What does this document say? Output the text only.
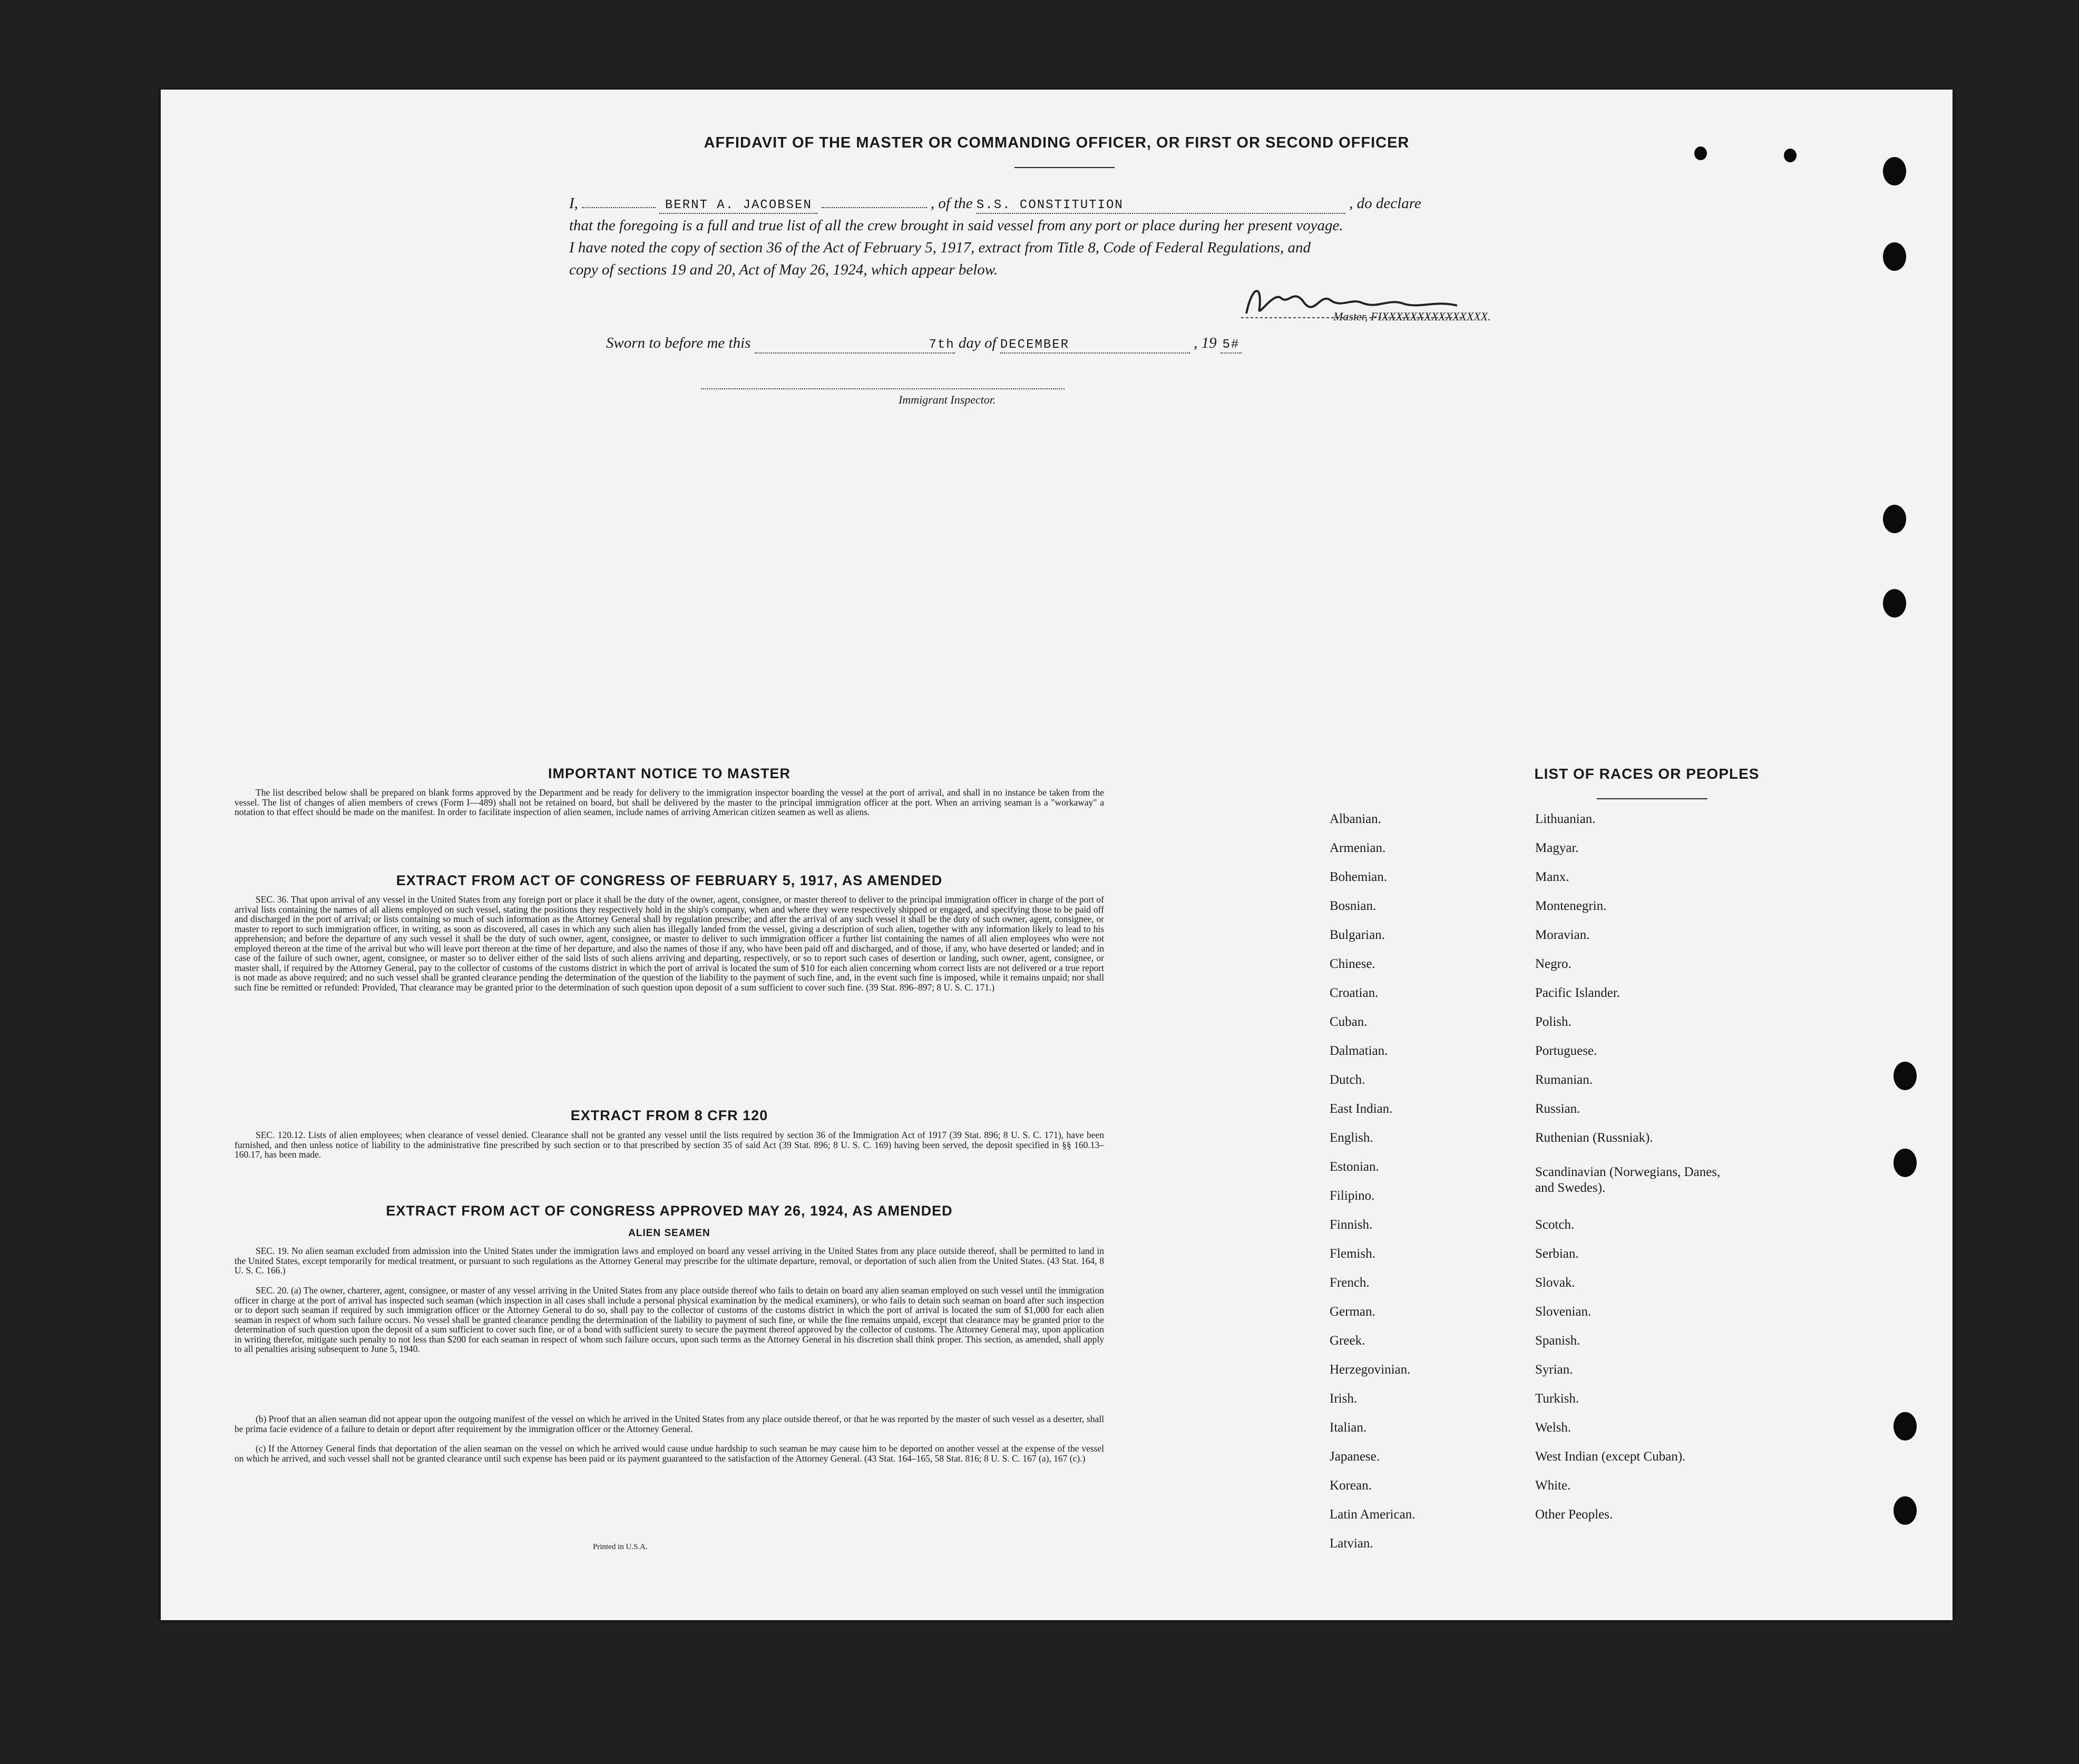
AFFIDAVIT OF THE MASTER OR COMMANDING OFFICER, OR FIRST OR SECOND OFFICER
I,	BERNT A. JACOBSEN	, of the S.S. CONSTITUTION	, do declare
that the foregoing is a full and true list of all the crew brought in said vessel from any port or place during her present voyage.
I have noted the copy of section 36 of the Act of February 5, 1917, extract from Title 8, Code of Federal Regulations, and
copy of sections 19 and 20, Act of May 26, 1924, which appear below.
Master, FIXXXXXXXXXXXXXXX.
Sworn to before me this	7th day of DECEMBER	, 19 5#
Immigrant Inspector.
IMPORTANT NOTICE TO MASTER
The list described below shall be prepared on blank forms approved by the Department and be ready for delivery to the immigration inspector boarding the vessel at the port of arrival, and shall in no instance be taken from the vessel. The list of changes of alien members of crews (Form I—489) shall not be retained on board, but shall be delivered by the master to the principal immigration officer at the port. When an arriving seaman is a "workaway" a notation to that effect should be made on the manifest. In order to facilitate inspection of alien seamen, include names of arriving American citizen seamen as well as aliens.
EXTRACT FROM ACT OF CONGRESS OF FEBRUARY 5, 1917, AS AMENDED
SEC. 36. That upon arrival of any vessel in the United States from any foreign port or place it shall be the duty of the owner, agent, consignee, or master thereof to deliver to the principal immigration officer in charge of the port of arrival lists containing the names of all aliens employed on such vessel, stating the positions they respectively hold in the ship's company, when and where they were respectively shipped or engaged, and specifying those to be paid off and discharged in the port of arrival; or lists containing so much of such information as the Attorney General shall by regulation prescribe; and after the arrival of any such vessel it shall be the duty of such owner, agent, consignee, or master to report to such immigration officer, in writing, as soon as discovered, all cases in which any such alien has illegally landed from the vessel, giving a description of such alien, together with any information likely to lead to his apprehension; and before the departure of any such vessel it shall be the duty of such owner, agent, consignee, or master to deliver to such immigration officer a further list containing the names of all alien employees who were not employed thereon at the time of the arrival but who will leave port thereon at the time of her departure, and also the names of those if any, who have been paid off and discharged, and of those, if any, who have deserted or landed; and in case of the failure of such owner, agent, consignee, or master so to deliver either of the said lists of such aliens arriving and departing, respectively, or so to report such cases of desertion or landing, such owner, agent, consignee, or master shall, if required by the Attorney General, pay to the collector of customs of the customs district in which the port of arrival is located the sum of $10 for each alien concerning whom correct lists are not delivered or a true report is not made as above required; and no such vessel shall be granted clearance pending the determination of the question of the liability to the payment of such fine, and, in the event such fine is imposed, while it remains unpaid; nor shall such fine be remitted or refunded: Provided, That clearance may be granted prior to the determination of such question upon deposit of a sum sufficient to cover such fine. (39 Stat. 896–897; 8 U. S. C. 171.)
EXTRACT FROM 8 CFR 120
SEC. 120.12. Lists of alien employees; when clearance of vessel denied. Clearance shall not be granted any vessel until the lists required by section 36 of the Immigration Act of 1917 (39 Stat. 896; 8 U. S. C. 171), have been furnished, and then unless notice of liability to the administrative fine prescribed by such section or to that prescribed by section 35 of said Act (39 Stat. 896; 8 U. S. C. 169) having been served, the deposit specified in §§ 160.13–160.17, has been made.
EXTRACT FROM ACT OF CONGRESS APPROVED MAY 26, 1924, AS AMENDED
ALIEN SEAMEN
SEC. 19. No alien seaman excluded from admission into the United States under the immigration laws and employed on board any vessel arriving in the United States from any place outside thereof, shall be permitted to land in the United States, except temporarily for medical treatment, or pursuant to such regulations as the Attorney General may prescribe for the ultimate departure, removal, or deportation of such alien from the United States. (43 Stat. 164, 8 U. S. C. 166.)
SEC. 20. (a) The owner, charterer, agent, consignee, or master of any vessel arriving in the United States from any place outside thereof who fails to detain on board any alien seaman employed on such vessel until the immigration officer in charge at the port of arrival has inspected such seaman (which inspection in all cases shall include a personal physical examination by the medical examiners), or who fails to detain such seaman on board after such inspection or to deport such seaman if required by such immigration officer or the Attorney General to do so, shall pay to the collector of customs of the customs district in which the port of arrival is located the sum of $1,000 for each alien seaman in respect of whom such failure occurs. No vessel shall be granted clearance pending the determination of the liability to payment of such fine, or while the fine remains unpaid, except that clearance may be granted prior to the determination of such question upon the deposit of a sum sufficient to cover such fine, or of a bond with sufficient surety to secure the payment thereof approved by the collector of customs. The Attorney General may, upon application in writing therefor, mitigate such penalty to not less than $200 for each seaman in respect of whom such failure occurs, upon such terms as the Attorney General in his discretion shall think proper. This section, as amended, shall apply to all penalties arising subsequent to June 5, 1940.
(b) Proof that an alien seaman did not appear upon the outgoing manifest of the vessel on which he arrived in the United States from any place outside thereof, or that he was reported by the master of such vessel as a deserter, shall be prima facie evidence of a failure to detain or deport after requirement by the immigration officer or the Attorney General.
(c) If the Attorney General finds that deportation of the alien seaman on the vessel on which he arrived would cause undue hardship to such seaman he may cause him to be deported on another vessel at the expense of the vessel on which he arrived, and such vessel shall not be granted clearance until such expense has been paid or its payment guaranteed to the satisfaction of the Attorney General. (43 Stat. 164–165, 58 Stat. 816; 8 U. S. C. 167 (a), 167 (c).)
Printed in U.S.A.
LIST OF RACES OR PEOPLES
Albanian.
Armenian.
Bohemian.
Bosnian.
Bulgarian.
Chinese.
Croatian.
Cuban.
Dalmatian.
Dutch.
East Indian.
English.
Estonian.
Filipino.
Finnish.
Flemish.
French.
German.
Greek.
Herzegovinian.
Irish.
Italian.
Japanese.
Korean.
Latin American.
Latvian.
Lithuanian.
Magyar.
Manx.
Montenegrin.
Moravian.
Negro.
Pacific Islander.
Polish.
Portuguese.
Rumanian.
Russian.
Ruthenian (Russniak).
Scandinavian (Norwegians, Danes, and Swedes).
Scotch.
Serbian.
Slovak.
Slovenian.
Spanish.
Syrian.
Turkish.
Welsh.
West Indian (except Cuban).
White.
Other Peoples.
